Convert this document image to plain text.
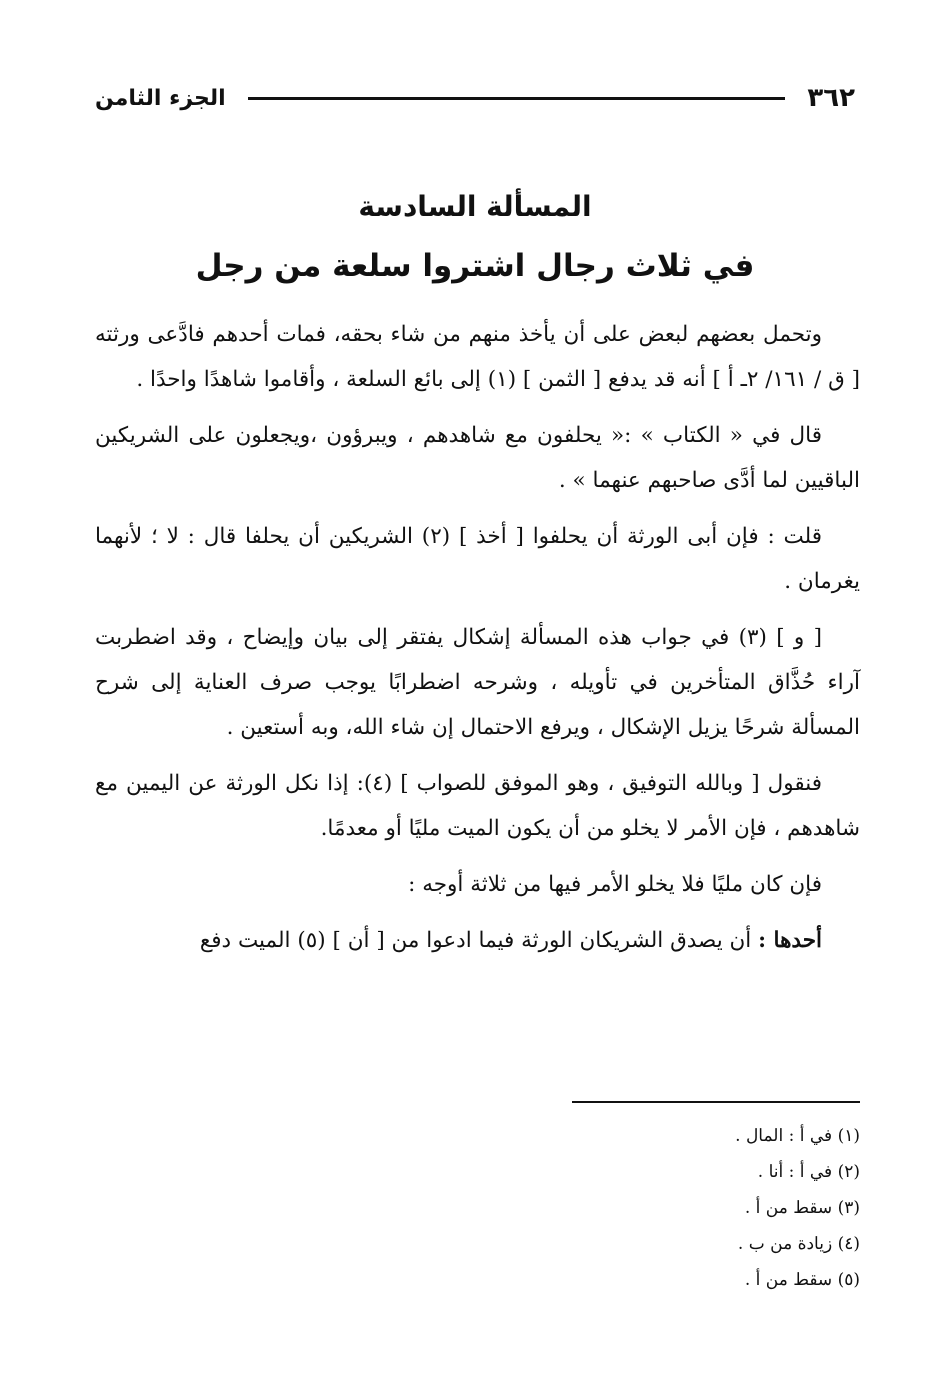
٣٦٢
الجزء الثامن
المسألة السادسة
في ثلاث رجال اشتروا سلعة من رجل

وتحمل بعضهم لبعض على أن يأخذ منهم من شاء بحقه، فمات أحدهم فادَّعى ورثته [ ق / ١٦١/ ٢ـ أ ] أنه قد يدفع [ الثمن ] (١) إلى بائع السلعة ، وأقاموا شاهدًا واحدًا .

قال في « الكتاب » :« يحلفون مع شاهدهم ، ويبرؤون ،ويجعلون على الشريكين الباقيين لما أدَّى صاحبهم عنهما » .

قلت : فإن أبى الورثة أن يحلفوا [ أخذ ] (٢) الشريكين أن يحلفا قال : لا ؛ لأنهما يغرمان .

[ و ] (٣) في جواب هذه المسألة إشكال يفتقر إلى بيان وإيضاح ، وقد اضطربت آراء حُذَّاق المتأخرين في تأويله ، وشرحه اضطرابًا يوجب صرف العناية إلى شرح المسألة شرحًا يزيل الإشكال ، ويرفع الاحتمال إن شاء الله، وبه أستعين .

فنقول [ وبالله التوفيق ، وهو الموفق للصواب ] (٤): إذا نكل الورثة عن اليمين مع شاهدهم ، فإن الأمر لا يخلو من أن يكون الميت مليًا أو معدمًا.

فإن كان مليًا فلا يخلو الأمر فيها من ثلاثة أوجه :

أحدها : أن يصدق الشريكان الورثة فيما ادعوا من [ أن ] (٥) الميت دفع

(١) في أ : المال .
(٢) في أ : أنا .
(٣) سقط من أ .
(٤) زيادة من ب .
(٥) سقط من أ .
